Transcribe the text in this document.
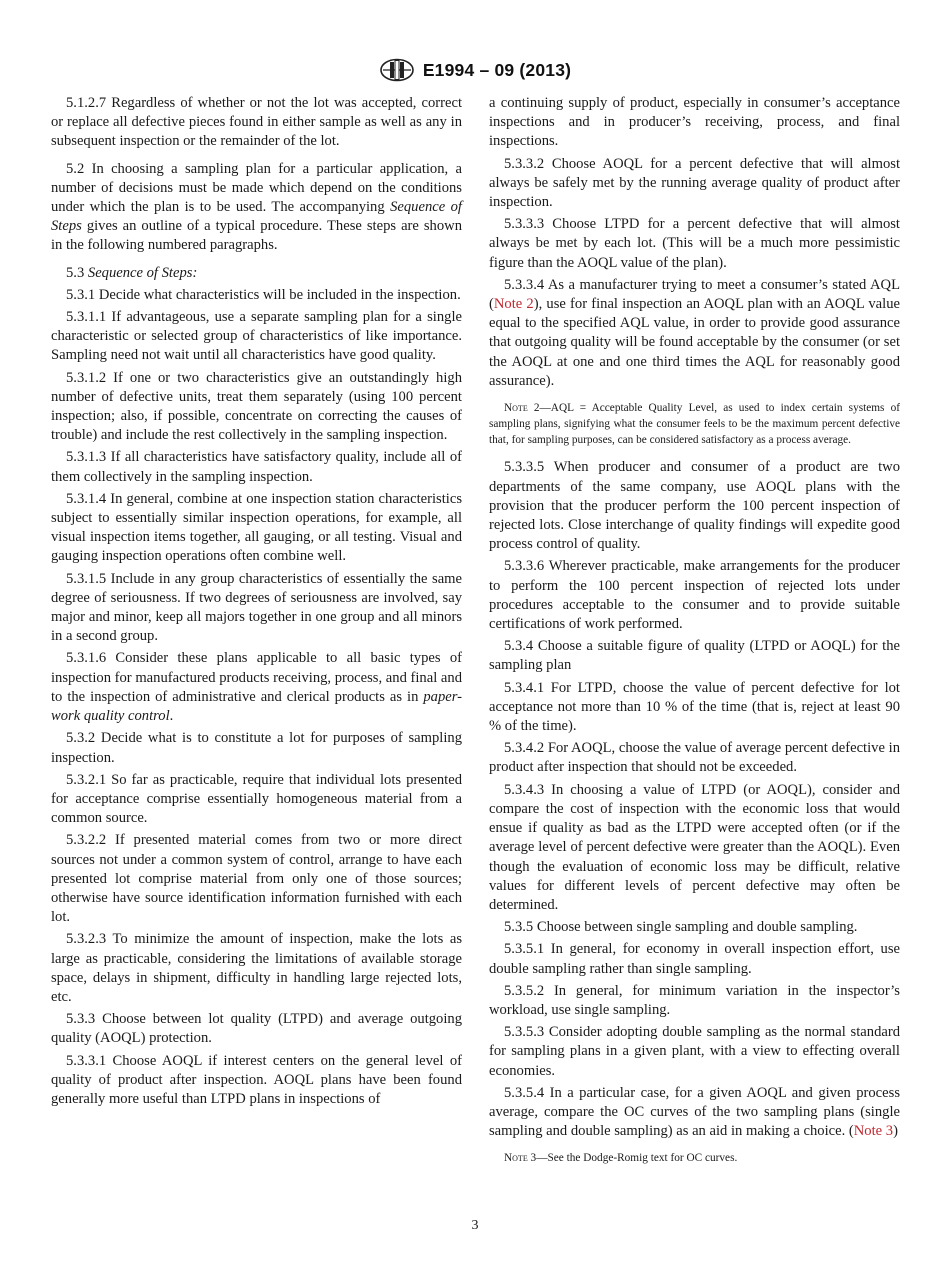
E1994 – 09 (2013)

5.1.2.7 Regardless of whether or not the lot was accepted, correct or replace all defective pieces found in either sample as well as any in subsequent inspection or the remainder of the lot.

5.2 In choosing a sampling plan for a particular application, a number of decisions must be made which depend on the conditions under which the plan is to be used. The accompanying Sequence of Steps gives an outline of a typical procedure. These steps are shown in the following numbered paragraphs.

5.3 Sequence of Steps:

5.3.1 Decide what characteristics will be included in the inspection.

5.3.1.1 If advantageous, use a separate sampling plan for a single characteristic or selected group of characteristics of like importance. Sampling need not wait until all characteristics have good quality.

5.3.1.2 If one or two characteristics give an outstandingly high number of defective units, treat them separately (using 100 percent inspection; also, if possible, concentrate on correcting the causes of trouble) and include the rest collectively in the sampling inspection.

5.3.1.3 If all characteristics have satisfactory quality, include all of them collectively in the sampling inspection.

5.3.1.4 In general, combine at one inspection station characteristics subject to essentially similar inspection operations, for example, all visual inspection items together, all gauging, or all testing. Visual and gauging inspection operations often combine well.

5.3.1.5 Include in any group characteristics of essentially the same degree of seriousness. If two degrees of seriousness are involved, say major and minor, keep all majors together in one group and all minors in a second group.

5.3.1.6 Consider these plans applicable to all basic types of inspection for manufactured products receiving, process, and final and to the inspection of administrative and clerical products as in paper-work quality control.

5.3.2 Decide what is to constitute a lot for purposes of sampling inspection.

5.3.2.1 So far as practicable, require that individual lots presented for acceptance comprise essentially homogeneous material from a common source.

5.3.2.2 If presented material comes from two or more direct sources not under a common system of control, arrange to have each presented lot comprise material from only one of those sources; otherwise have source identification information furnished with each lot.

5.3.2.3 To minimize the amount of inspection, make the lots as large as practicable, considering the limitations of available storage space, delays in shipment, difficulty in handling large rejected lots, etc.

5.3.3 Choose between lot quality (LTPD) and average outgoing quality (AOQL) protection.

5.3.3.1 Choose AOQL if interest centers on the general level of quality of product after inspection. AOQL plans have been found generally more useful than LTPD plans in inspections of

a continuing supply of product, especially in consumer’s acceptance inspections and in producer’s receiving, process, and final inspections.

5.3.3.2 Choose AOQL for a percent defective that will almost always be safely met by the running average quality of product after inspection.

5.3.3.3 Choose LTPD for a percent defective that will almost always be met by each lot. (This will be a much more pessimistic figure than the AOQL value of the plan).

5.3.3.4 As a manufacturer trying to meet a consumer’s stated AQL (Note 2), use for final inspection an AOQL plan with an AOQL value equal to the specified AQL value, in order to provide good assurance that outgoing quality will be found acceptable by the consumer (or set the AOQL at one and one third times the AQL for reasonably good assurance).

Note 2—AQL = Acceptable Quality Level, as used to index certain systems of sampling plans, signifying what the consumer feels to be the maximum percent defective that, for sampling purposes, can be considered satisfactory as a process average.

5.3.3.5 When producer and consumer of a product are two departments of the same company, use AOQL plans with the provision that the producer perform the 100 percent inspection of rejected lots. Close interchange of quality findings will expedite good process control of quality.

5.3.3.6 Wherever practicable, make arrangements for the producer to perform the 100 percent inspection of rejected lots under procedures acceptable to the consumer and to provide suitable certifications of work performed.

5.3.4 Choose a suitable figure of quality (LTPD or AOQL) for the sampling plan

5.3.4.1 For LTPD, choose the value of percent defective for lot acceptance not more than 10 % of the time (that is, reject at least 90 % of the time).

5.3.4.2 For AOQL, choose the value of average percent defective in product after inspection that should not be exceeded.

5.3.4.3 In choosing a value of LTPD (or AOQL), consider and compare the cost of inspection with the economic loss that would ensue if quality as bad as the LTPD were accepted often (or if the average level of percent defective were greater than the AOQL). Even though the evaluation of economic loss may be difficult, relative values for different levels of percent defective may often be determined.

5.3.5 Choose between single sampling and double sampling.

5.3.5.1 In general, for economy in overall inspection effort, use double sampling rather than single sampling.

5.3.5.2 In general, for minimum variation in the inspector’s workload, use single sampling.

5.3.5.3 Consider adopting double sampling as the normal standard for sampling plans in a given plant, with a view to effecting overall economies.

5.3.5.4 In a particular case, for a given AOQL and given process average, compare the OC curves of the two sampling plans (single sampling and double sampling) as an aid in making a choice. (Note 3)

Note 3—See the Dodge-Romig text for OC curves.

3
